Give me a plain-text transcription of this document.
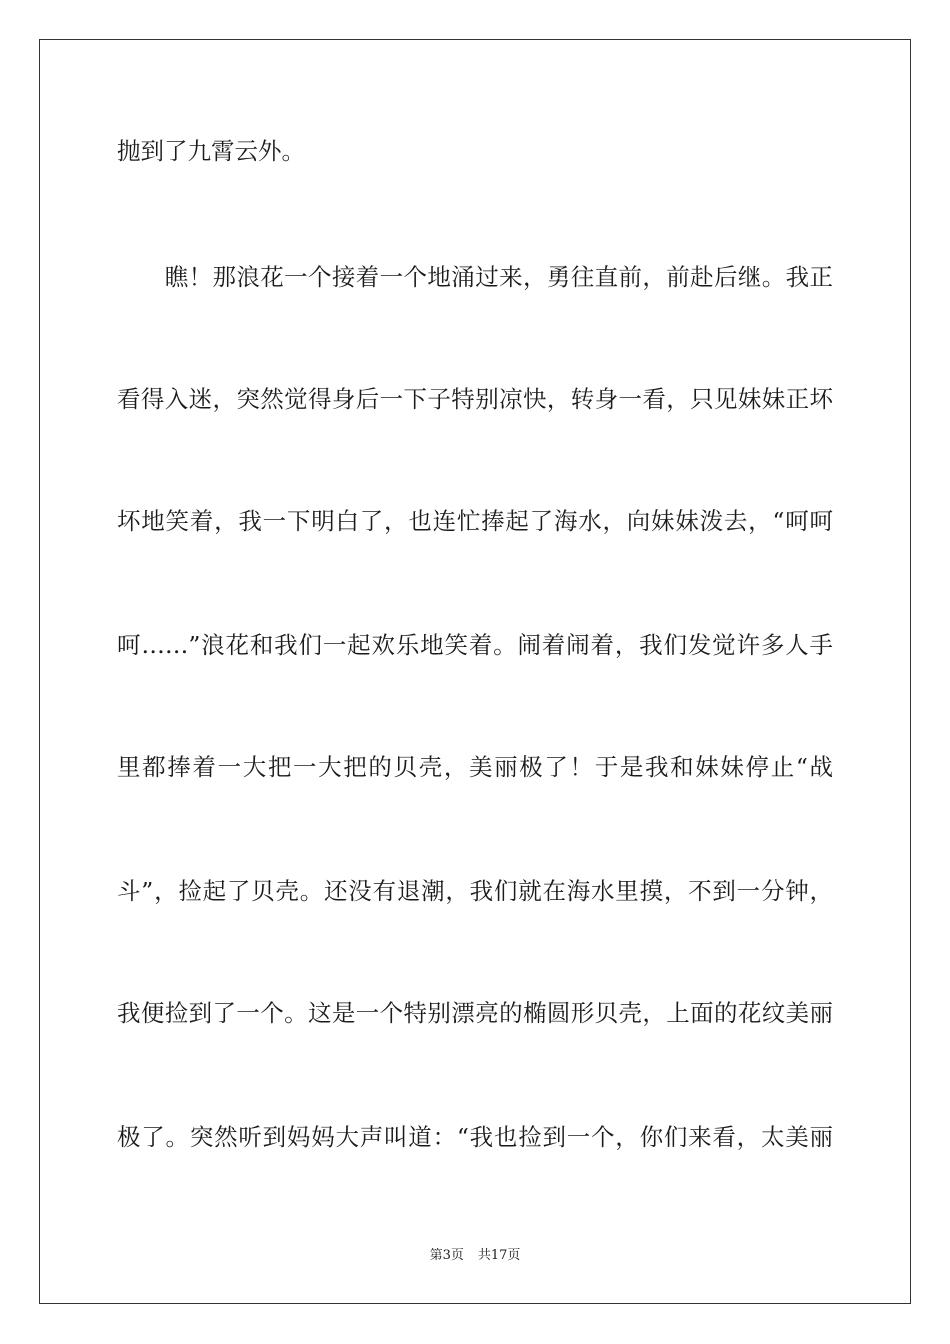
抛到了九霄云外。
　　瞧！那浪花一个接着一个地涌过来，勇往直前，前赴后继。我正
看得入迷，突然觉得身后一下子特别凉快，转身一看，只见妹妹正坏
坏地笑着，我一下明白了，也连忙捧起了海水，向妹妹泼去，“呵呵
呵……”浪花和我们一起欢乐地笑着。闹着闹着，我们发觉许多人手
里都捧着一大把一大把的贝壳，美丽极了！于是我和妹妹停止“战
斗”，捡起了贝壳。还没有退潮，我们就在海水里摸，不到一分钟，
我便捡到了一个。这是一个特别漂亮的椭圆形贝壳，上面的花纹美丽
极了。突然听到妈妈大声叫道：“我也捡到一个，你们来看，太美丽
第3页 共17页
